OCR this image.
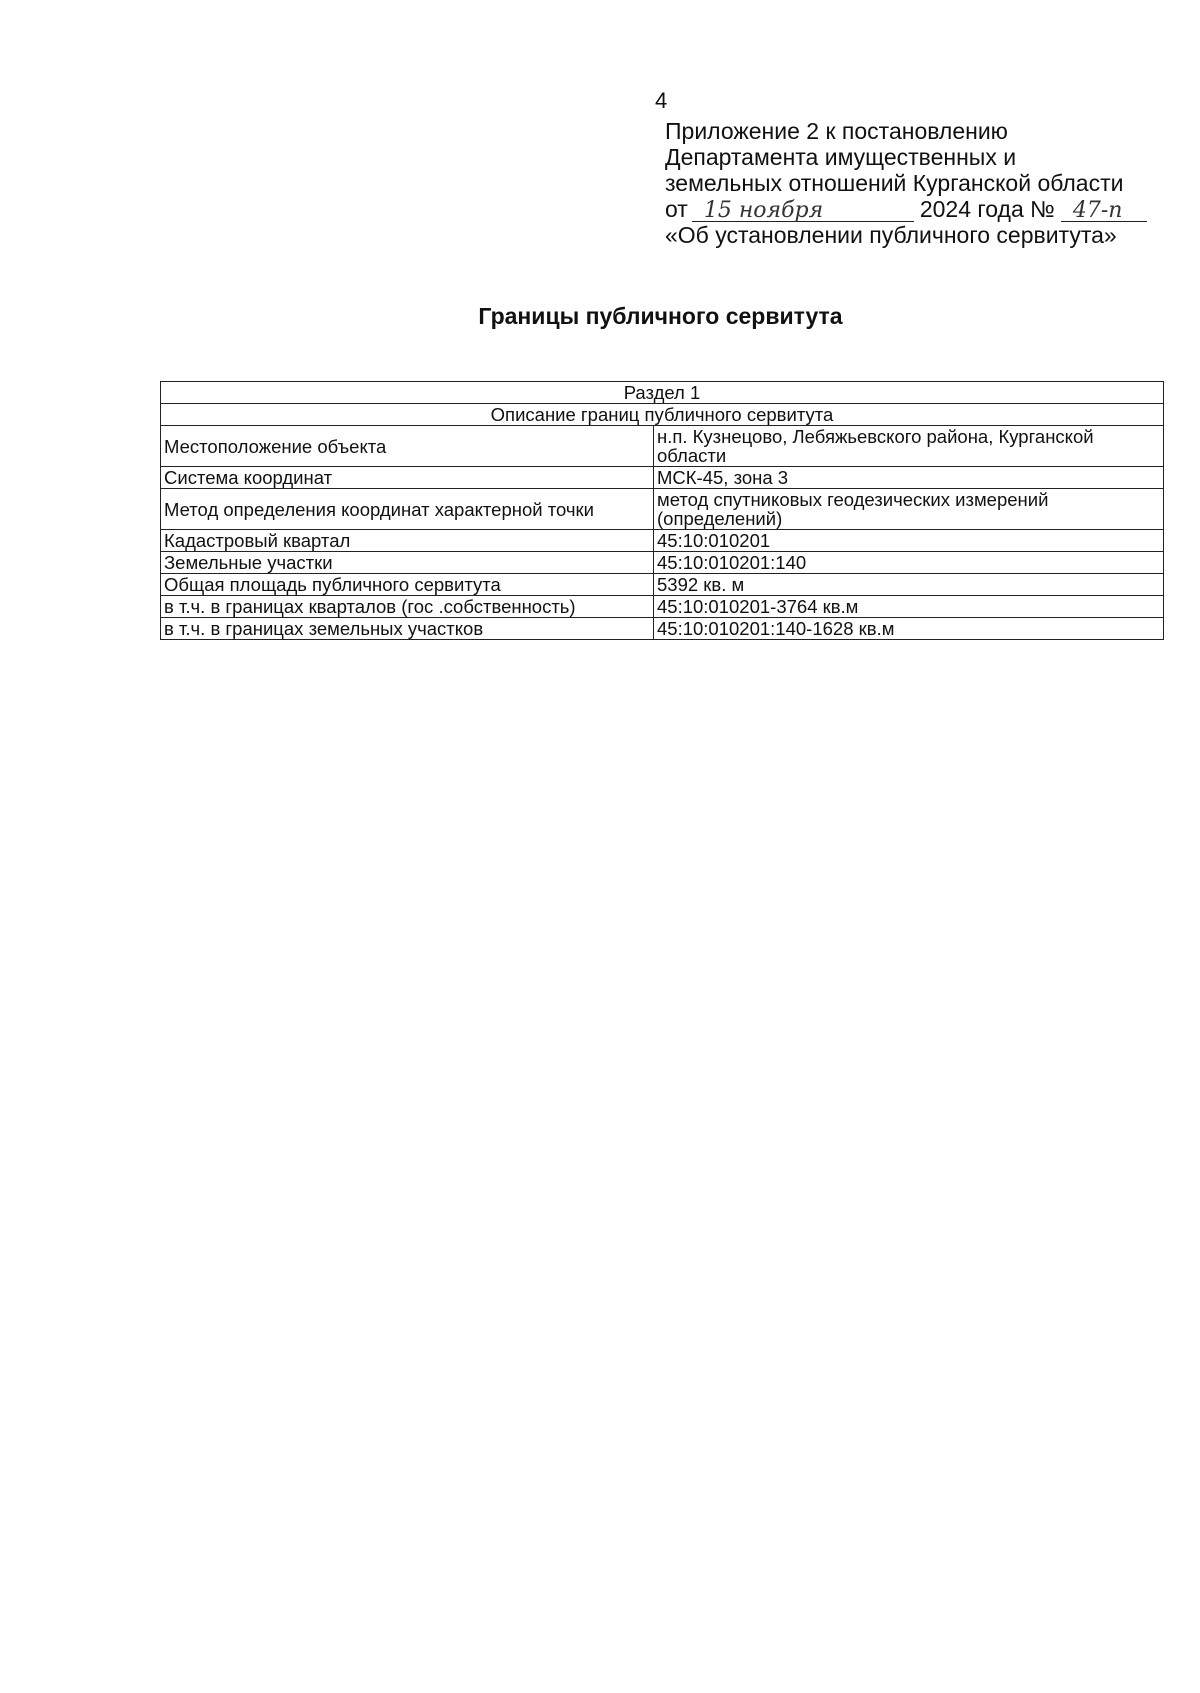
4
Приложение 2 к постановлению
Департамента имущественных и
земельных отношений Курганской области
от 15 ноября	2024 года № 47-п
«Об установлении публичного сервитута»
Границы публичного сервитута
Раздел 1	
Описание границ публичного сервитута	
Местоположение объекта	н.п. Кузнецово, Лебяжьевского района, Курганской области
Система координат	МСК-45, зона 3
Метод определения координат характерной точки	метод спутниковых геодезических измерений (определений)
Кадастровый квартал	45:10:010201
Земельные участки	45:10:010201:140
Общая площадь публичного сервитута	5392 кв. м
в т.ч. в границах кварталов (гос .собственность)	45:10:010201-3764 кв.м
в т.ч. в границах земельных участков	45:10:010201:140-1628 кв.м
